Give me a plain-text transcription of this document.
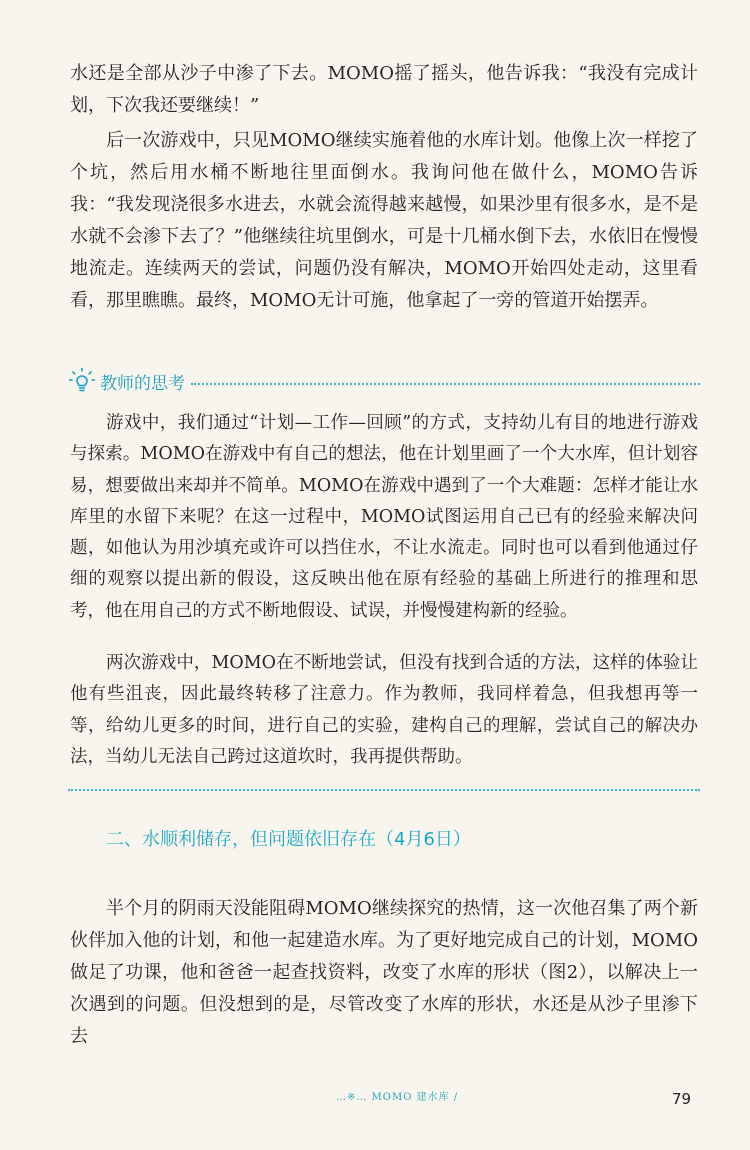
水还是全部从沙子中渗了下去。MOMO摇了摇头，他告诉我：“我没有完成计划，下次我还要继续！”

后一次游戏中，只见MOMO继续实施着他的水库计划。他像上次一样挖了个坑，然后用水桶不断地往里面倒水。我询问他在做什么，MOMO告诉我：“我发现浇很多水进去，水就会流得越来越慢，如果沙里有很多水，是不是水就不会渗下去了？”他继续往坑里倒水，可是十几桶水倒下去，水依旧在慢慢地流走。连续两天的尝试，问题仍没有解决，MOMO开始四处走动，这里看看，那里瞧瞧。最终，MOMO无计可施，他拿起了一旁的管道开始摆弄。

教师的思考

游戏中，我们通过“计划—工作—回顾”的方式，支持幼儿有目的地进行游戏与探索。MOMO在游戏中有自己的想法，他在计划里画了一个大水库，但计划容易，想要做出来却并不简单。MOMO在游戏中遇到了一个大难题：怎样才能让水库里的水留下来呢？在这一过程中，MOMO试图运用自己已有的经验来解决问题，如他认为用沙填充或许可以挡住水，不让水流走。同时也可以看到他通过仔细的观察以提出新的假设，这反映出他在原有经验的基础上所进行的推理和思考，他在用自己的方式不断地假设、试误，并慢慢建构新的经验。

两次游戏中，MOMO在不断地尝试，但没有找到合适的方法，这样的体验让他有些沮丧，因此最终转移了注意力。作为教师，我同样着急，但我想再等一等，给幼儿更多的时间，进行自己的实验，建构自己的理解，尝试自己的解决办法，当幼儿无法自己跨过这道坎时，我再提供帮助。

二、水顺利储存，但问题依旧存在（4月6日）

半个月的阴雨天没能阻碍MOMO继续探究的热情，这一次他召集了两个新伙伴加入他的计划，和他一起建造水库。为了更好地完成自己的计划，MOMO做足了功课，他和爸爸一起查找资料，改变了水库的形状（图2），以解决上一次遇到的问题。但没想到的是，尽管改变了水库的形状，水还是从沙子里渗下去

…※… MOMO 建水库 /	79
